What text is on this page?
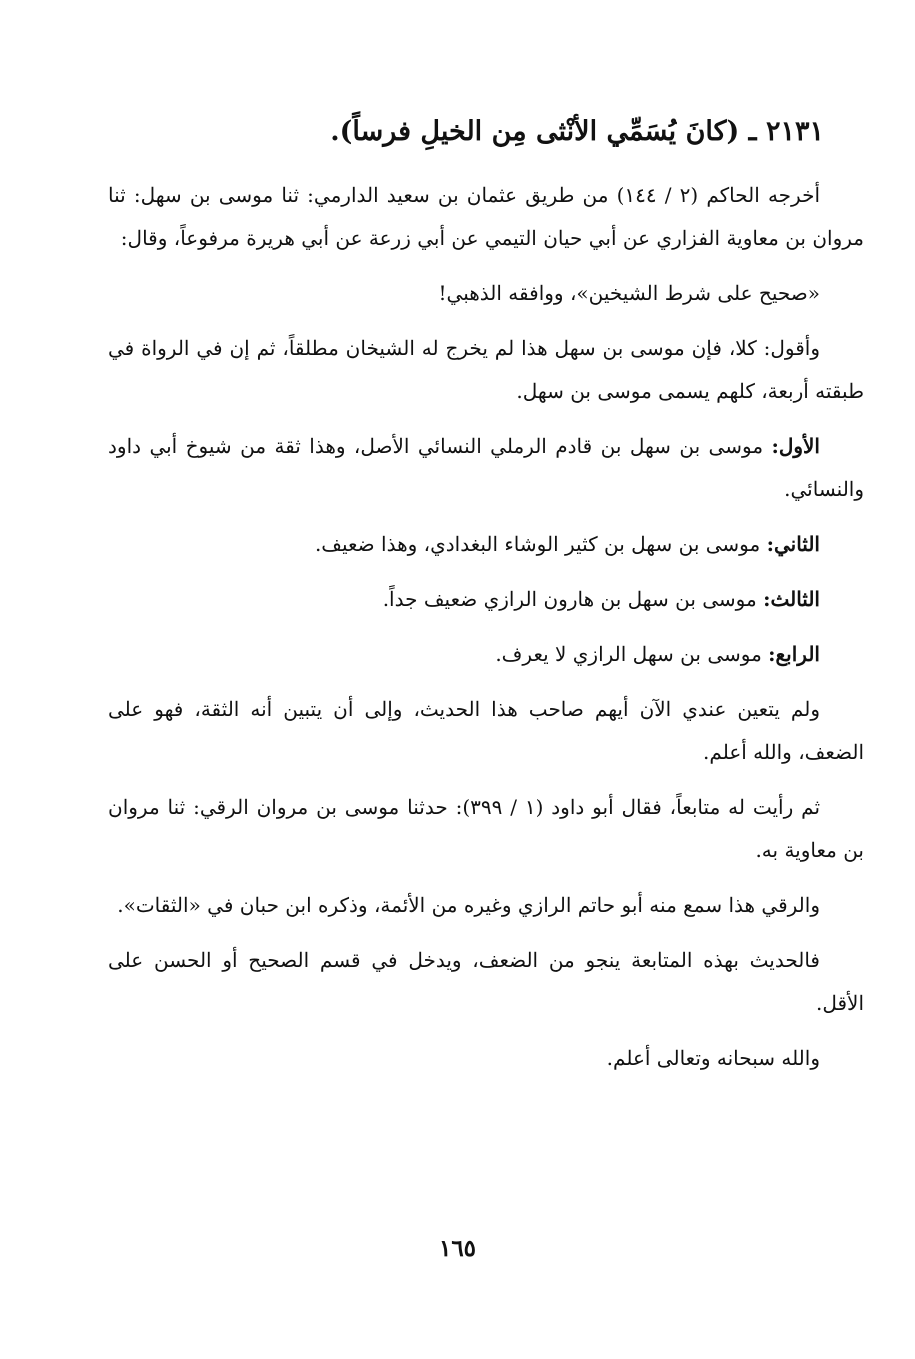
٢١٣١ ـ (كانَ يُسَمِّي الأنْثى مِن الخيلِ فرساً).

أخرجه الحاكم (٢ / ١٤٤) من طريق عثمان بن سعيد الدارمي: ثنا موسى بن سهل: ثنا مروان بن معاوية الفزاري عن أبي حيان التيمي عن أبي زرعة عن أبي هريرة مرفوعاً، وقال:

«صحيح على شرط الشيخين»، ووافقه الذهبي!

وأقول: كلا، فإن موسى بن سهل هذا لم يخرج له الشيخان مطلقاً، ثم إن في الرواة في طبقته أربعة، كلهم يسمى موسى بن سهل.

الأول: موسى بن سهل بن قادم الرملي النسائي الأصل، وهذا ثقة من شيوخ أبي داود والنسائي.

الثاني: موسى بن سهل بن كثير الوشاء البغدادي، وهذا ضعيف.

الثالث: موسى بن سهل بن هارون الرازي ضعيف جداً.

الرابع: موسى بن سهل الرازي لا يعرف.

ولم يتعين عندي الآن أيهم صاحب هذا الحديث، وإلى أن يتبين أنه الثقة، فهو على الضعف، والله أعلم.

ثم رأيت له متابعاً، فقال أبو داود (١ / ٣٩٩): حدثنا موسى بن مروان الرقي: ثنا مروان بن معاوية به.

والرقي هذا سمع منه أبو حاتم الرازي وغيره من الأئمة، وذكره ابن حبان في «الثقات».

فالحديث بهذه المتابعة ينجو من الضعف، ويدخل في قسم الصحيح أو الحسن على الأقل.

والله سبحانه وتعالى أعلم.

١٦٥
